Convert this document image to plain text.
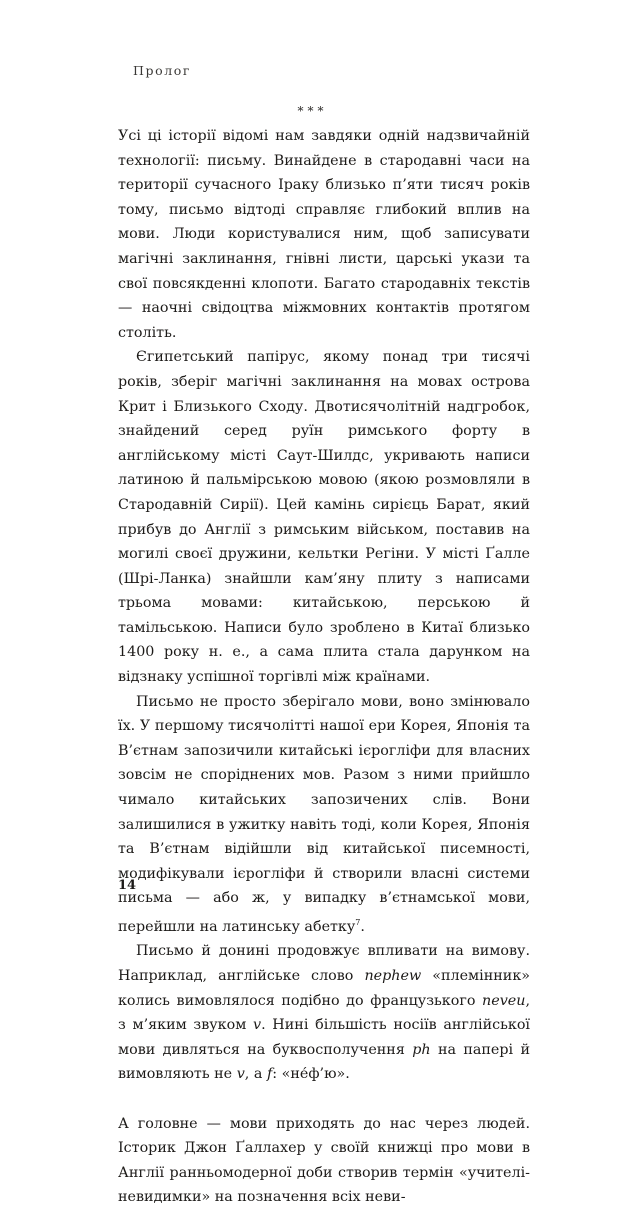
Пролог
***

Усі ці історії відомі нам завдяки одній надзвичайній технології: письму. Винайдене в стародавні часи на території сучасного Іраку близько п’яти тисяч років тому, письмо відтоді справляє глибокий вплив на мови. Люди користувалися ним, щоб записувати магічні заклинання, гнівні листи, царські укази та свої повсякденні клопоти. Багато стародавніх текстів — наочні свідоцтва міжмовних контактів протягом століть.

Єгипетський папірус, якому понад три тисячі років, зберіг магічні заклинання на мовах острова Крит і Близького Сходу. Двотисячолітній надгробок, знайдений серед руїн римського форту в англійському місті Саут-Шилдс, укривають написи латиною й пальмірською мовою (якою розмовляли в Стародавній Сирії). Цей камінь сирієць Барат, який прибув до Англії з римським військом, поставив на могилі своєї дружини, кельтки Регіни. У місті Ґалле (Шрі-Ланка) знайшли кам’яну плиту з написами трьома мовами: китайською, перською й тамільською. Написи було зроблено в Китаї близько 1400 року н. е., а сама плита стала дарунком на відзнаку успішної торгівлі між країнами.

Письмо не просто зберігало мови, воно змінювало їх. У першому тисячолітті нашої ери Корея, Японія та В’єтнам запозичили китайські ієрогліфи для власних зовсім не споріднених мов. Разом з ними прийшло чимало китайських запозичених слів. Вони залишилися в ужитку навіть тоді, коли Корея, Японія та В’єтнам відійшли від китайської писемності, модифікували ієрогліфи й створили власні системи письма — або ж, у випадку в’єтнамської мови, перейшли на латинську абетку$^7$.

Письмо й донині продовжує впливати на вимову. Наприклад, англійське слово nephew «племінник» колись вимовлялося подібно до французького neveu, з м’яким звуком v. Нині більшість носіїв англійської мови дивляться на буквосполучення ph на папері й вимовляють не v, а f: «не́ф’ю».

А головне — мови приходять до нас через людей. Історик Джон Ґаллахер у своїй книжці про мови в Англії ранньомодерної доби створив термін «учителі-невидимки» на позначення всіх неви-

14
